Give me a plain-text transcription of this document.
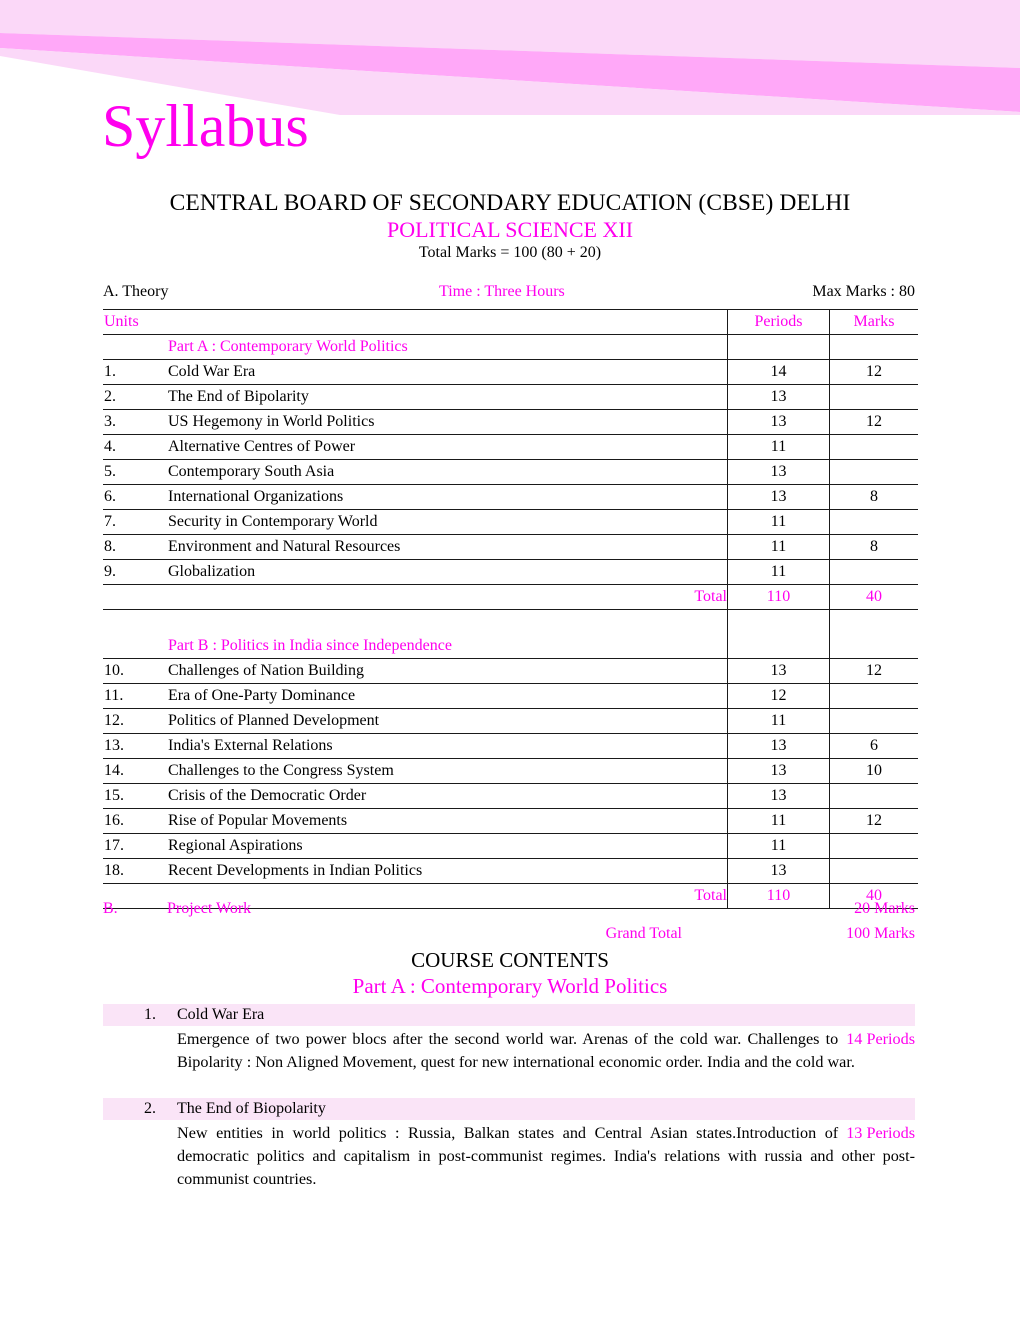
Syllabus
CENTRAL BOARD OF SECONDARY EDUCATION (CBSE) DELHI
POLITICAL SCIENCE XII
Total Marks = 100 (80 + 20)
A. Theory	Time : Three Hours	Max Marks : 80
Units		Periods	Marks
	Part A : Contemporary World Politics		
1.	Cold War Era	14	12
2.	The End of Bipolarity	13	
3.	US Hegemony in World Politics	13	12
4.	Alternative Centres of Power	11	
5.	Contemporary South Asia	13	
6.	International Organizations	13	8
7.	Security in Contemporary World	11	
8.	Environment and Natural Resources	11	8
9.	Globalization	11	
	Total	110	40

	Part B : Politics in India since Independence		
10.	Challenges of Nation Building	13	12
11.	Era of One-Party Dominance	12	
12.	Politics of Planned Development	11	
13.	India's External Relations	13	6
14.	Challenges to the Congress System	13	10
15.	Crisis of the Democratic Order	13	
16.	Rise of Popular Movements	11	12
17.	Regional Aspirations	11	
18.	Recent Developments in Indian Politics	13	
	Total	110	40
B.	Project Work	20 Marks
Grand Total	100 Marks
COURSE CONTENTS
Part A : Contemporary World Politics
1. Cold War Era
14 Periods
Emergence of two power blocs after the second world war. Arenas of the cold war. Challenges to Bipolarity : Non Aligned Movement, quest for new international economic order. India and the cold war.
2. The End of Biopolarity
13 Periods
New entities in world politics : Russia, Balkan states and Central Asian states.Introduction of democratic politics and capitalism in post-communist regimes. India's relations with russia and other post-communist countries.
